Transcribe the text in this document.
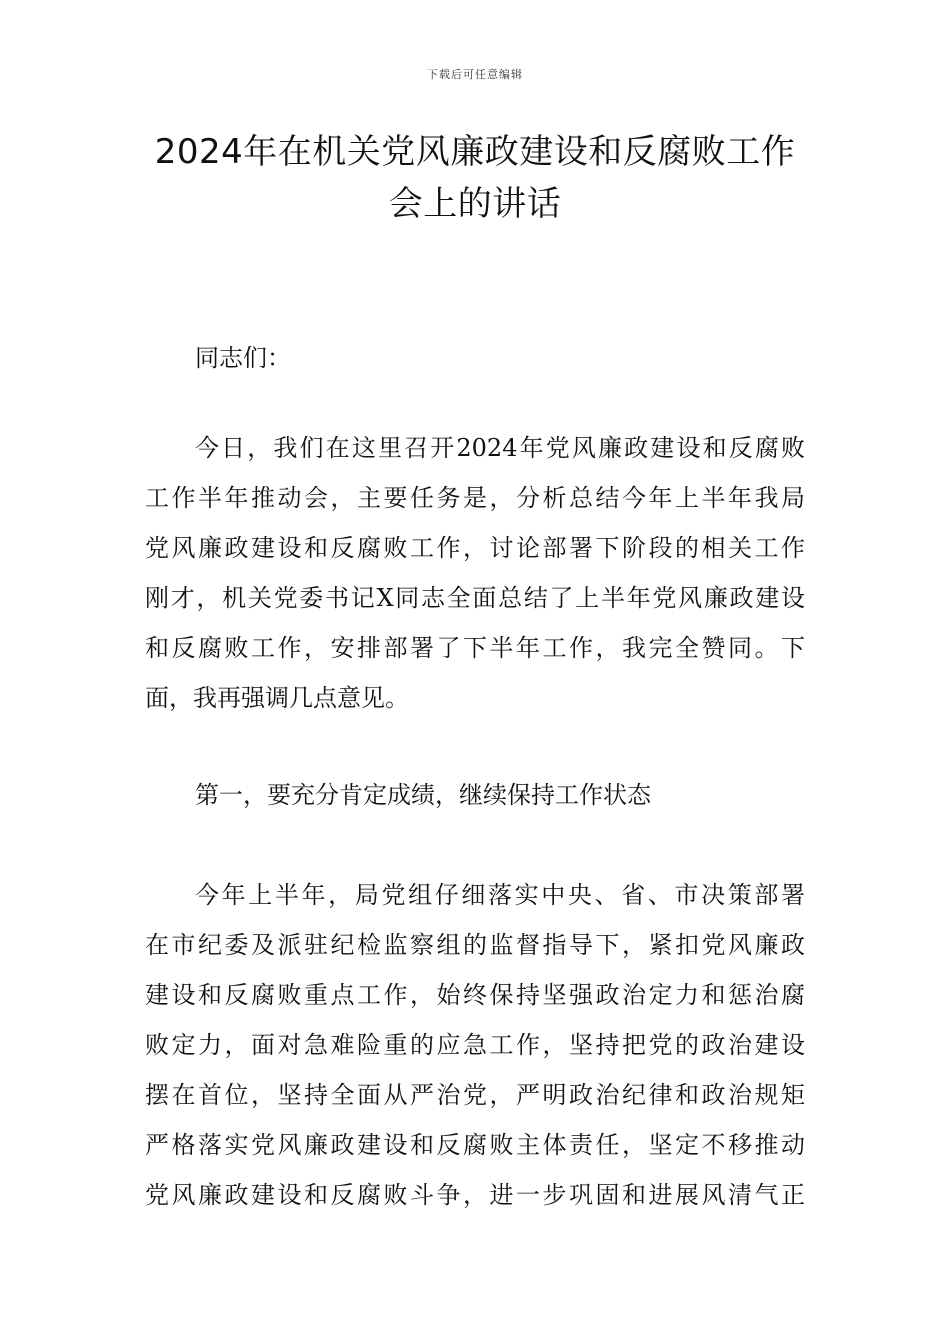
下载后可任意编辑
2024年在机关党风廉政建设和反腐败工作
会上的讲话
同志们：
今日，我们在这里召开2024年党风廉政建设和反腐败
工作半年推动会，主要任务是，分析总结今年上半年我局
党风廉政建设和反腐败工作，讨论部署下阶段的相关工作
刚才，机关党委书记X同志全面总结了上半年党风廉政建设
和反腐败工作，安排部署了下半年工作，我完全赞同。下
面，我再强调几点意见。
第一，要充分肯定成绩，继续保持工作状态
今年上半年，局党组仔细落实中央、省、市决策部署
在市纪委及派驻纪检监察组的监督指导下，紧扣党风廉政
建设和反腐败重点工作，始终保持坚强政治定力和惩治腐
败定力，面对急难险重的应急工作，坚持把党的政治建设
摆在首位，坚持全面从严治党，严明政治纪律和政治规矩
严格落实党风廉政建设和反腐败主体责任，坚定不移推动
党风廉政建设和反腐败斗争，进一步巩固和进展风清气正
